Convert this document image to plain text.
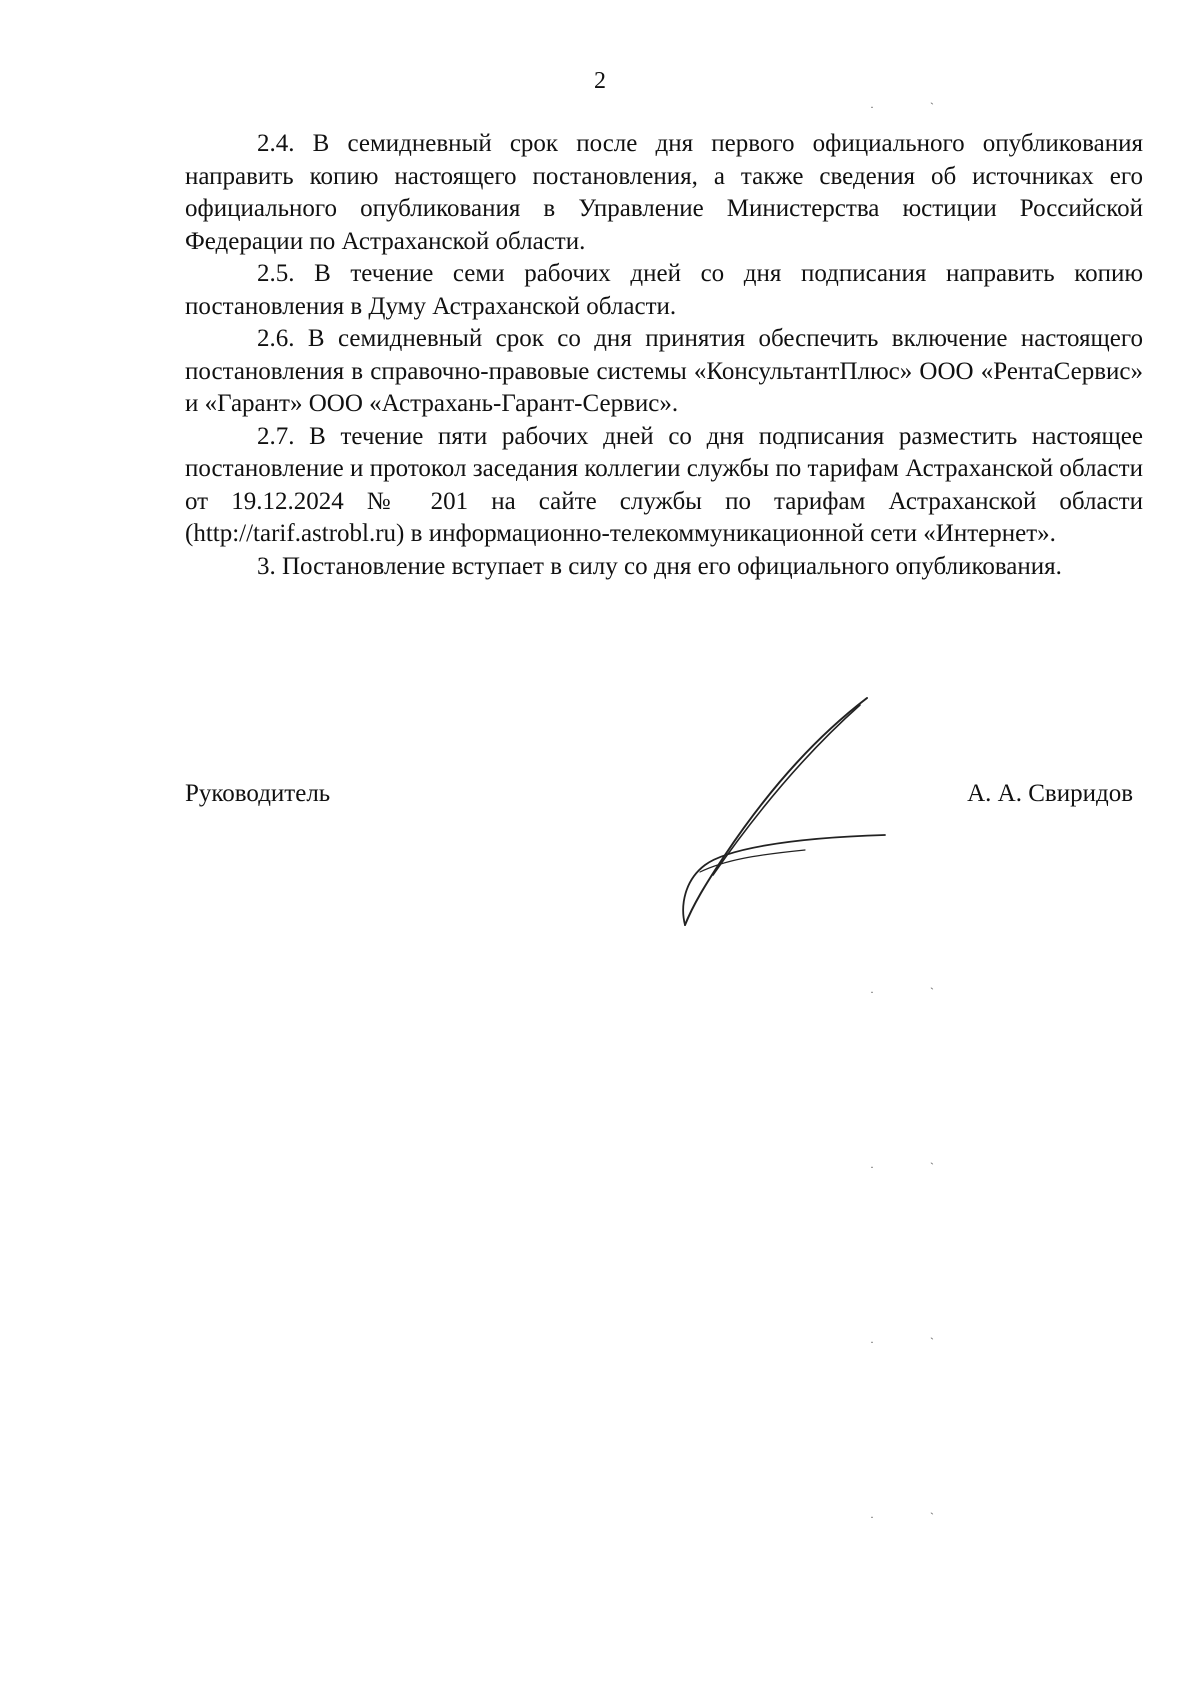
2

2.4. В семидневный срок после дня первого официального опубликования направить копию настоящего постановления, а также сведения об источниках его официального опубликования в Управление Министерства юстиции Российской Федерации по Астраханской области.

2.5. В течение семи рабочих дней со дня подписания направить копию постановления в Думу Астраханской области.

2.6. В семидневный срок со дня принятия обеспечить включение настоящего постановления в справочно-правовые системы «КонсультантПлюс» ООО «РентаСервис» и «Гарант» ООО «Астрахань-Гарант-Сервис».

2.7. В течение пяти рабочих дней со дня подписания разместить настоящее постановление и протокол заседания коллегии службы по тарифам Астраханской области от 19.12.2024 № 201 на сайте службы по тарифам Астраханской области (http://tarif.astrobl.ru) в информационно-телекоммуникационной сети «Интернет».

3. Постановление вступает в силу со дня его официального опубликования.

Руководитель	А. А. Свиридов
·	`
·	`
·	`
·	`
·	`
